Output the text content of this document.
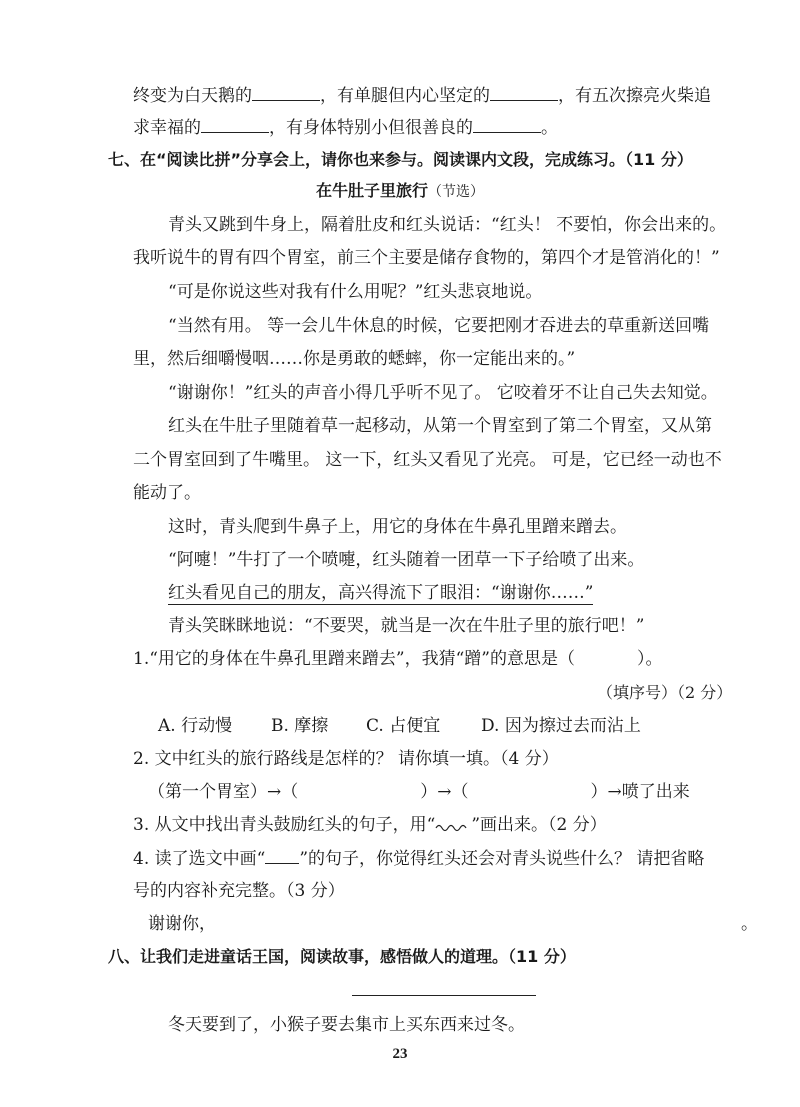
终变为白天鹅的	，有单腿但内心坚定的	，有五次擦亮火柴追
求幸福的	，有身体特别小但很善良的	。
七、在“阅读比拼”分享会上，请你也来参与。阅读课内文段，完成练习。（11 分）
在牛肚子里旅行（节选）
青头又跳到牛身上，隔着肚皮和红头说话：“红头！ 不要怕，你会出来的。
我听说牛的胃有四个胃室，前三个主要是储存食物的，第四个才是管消化的！”
“可是你说这些对我有什么用呢？”红头悲哀地说。
“当然有用。 等一会儿牛休息的时候，它要把刚才吞进去的草重新送回嘴
里，然后细嚼慢咽……你是勇敢的蟋蟀，你一定能出来的。”
“谢谢你！”红头的声音小得几乎听不见了。 它咬着牙不让自己失去知觉。
红头在牛肚子里随着草一起移动，从第一个胃室到了第二个胃室，又从第
二个胃室回到了牛嘴里。 这一下，红头又看见了光亮。 可是，它已经一动也不
能动了。
这时，青头爬到牛鼻子上，用它的身体在牛鼻孔里蹭来蹭去。
“阿嚏！”牛打了一个喷嚏，红头随着一团草一下子给喷了出来。
红头看见自己的朋友，高兴得流下了眼泪：“谢谢你……”
青头笑眯眯地说：“不要哭，就当是一次在牛肚子里的旅行吧！”
1.“用它的身体在牛鼻孔里蹭来蹭去”，我猜“蹭”的意思是（	）。
（填序号）（2 分）
A. 行动慢 B. 摩擦 C. 占便宜 D. 因为擦过去而沾上
2. 文中红头的旅行路线是怎样的？ 请你填一填。（4 分）
（第一个胃室）→（	）→（	）→喷了出来
3. 从文中找出青头鼓励红头的句子，用“ ”画出来。（2 分）
4. 读了选文中画“ ”的句子，你觉得红头还会对青头说些什么？ 请把省略
号的内容补充完整。（3 分）
谢谢你，	。
八、让我们走进童话王国，阅读故事，感悟做人的道理。（11 分）
冬天要到了，小猴子要去集市上买东西来过冬。
23
